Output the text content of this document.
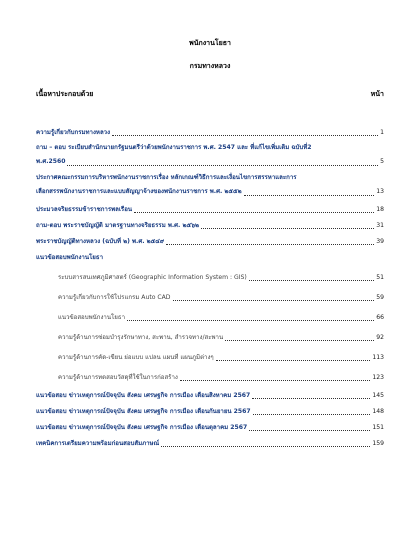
พนักงานโยธา
กรมทางหลวง
เนื้อหาประกอบด้วย	หน้า
ความรู้เกี่ยวกับกรมทางหลวง	1
ถาม – ตอบ ระเบียบสำนักนายกรัฐมนตรีว่าด้วยพนักงานราชการ พ.ศ. 2547 และ ที่แก้ไขเพิ่มเติม ฉบับที่2
พ.ศ.2560	5
ประกาศคณะกรรมการบริหารพนักงานราชการเรื่อง หลักเกณฑ์วิธีการและเงื่อนไขการสรรหาและการ
เลือกสรรพนักงานราชการและแบบสัญญาจ้างของพนักงานราชการ พ.ศ. ๒๕๕๒	13
ประมวลจริยธรรมข้าราชการพลเรือน	18
ถาม-ตอบ พระราชบัญญัติ มาตรฐานทางจริยธรรม พ.ศ. ๒๕๖๒	31
พระราชบัญญัติทางหลวง (ฉบับที่ ๒) พ.ศ. ๒๕๔๙	39
แนวข้อสอบพนักงานโยธา
ระบบสารสนเทศภูมิศาสตร์ (Geographic Information System : GIS)	51
ความรู้เกี่ยวกับการใช้โปรแกรม Auto CAD	59
แนวข้อสอบพนักงานโยธา	66
ความรู้ด้านการซ่อมบำรุงรักษาทาง, สะพาน, สำรวจทาง/สะพาน	92
ความรู้ด้านการคัด-เขียน ย่อแบบ แปลน แผนที่ แผนภูมิต่างๆ	113
ความรู้ด้านการทดสอบวัสดุที่ใช้ในการก่อสร้าง	123
แนวข้อสอบ ข่าวเหตุการณ์ปัจจุบัน สังคม เศรษฐกิจ การเมือง เดือนสิงหาคม 2567	145
แนวข้อสอบ ข่าวเหตุการณ์ปัจจุบัน สังคม เศรษฐกิจ การเมือง เดือนกันยายน 2567	148
แนวข้อสอบ ข่าวเหตุการณ์ปัจจุบัน สังคม เศรษฐกิจ การเมือง เดือนตุลาคม 2567	151
เทคนิคการเตรียมความพร้อมก่อนสอบสัมภาษณ์	159
